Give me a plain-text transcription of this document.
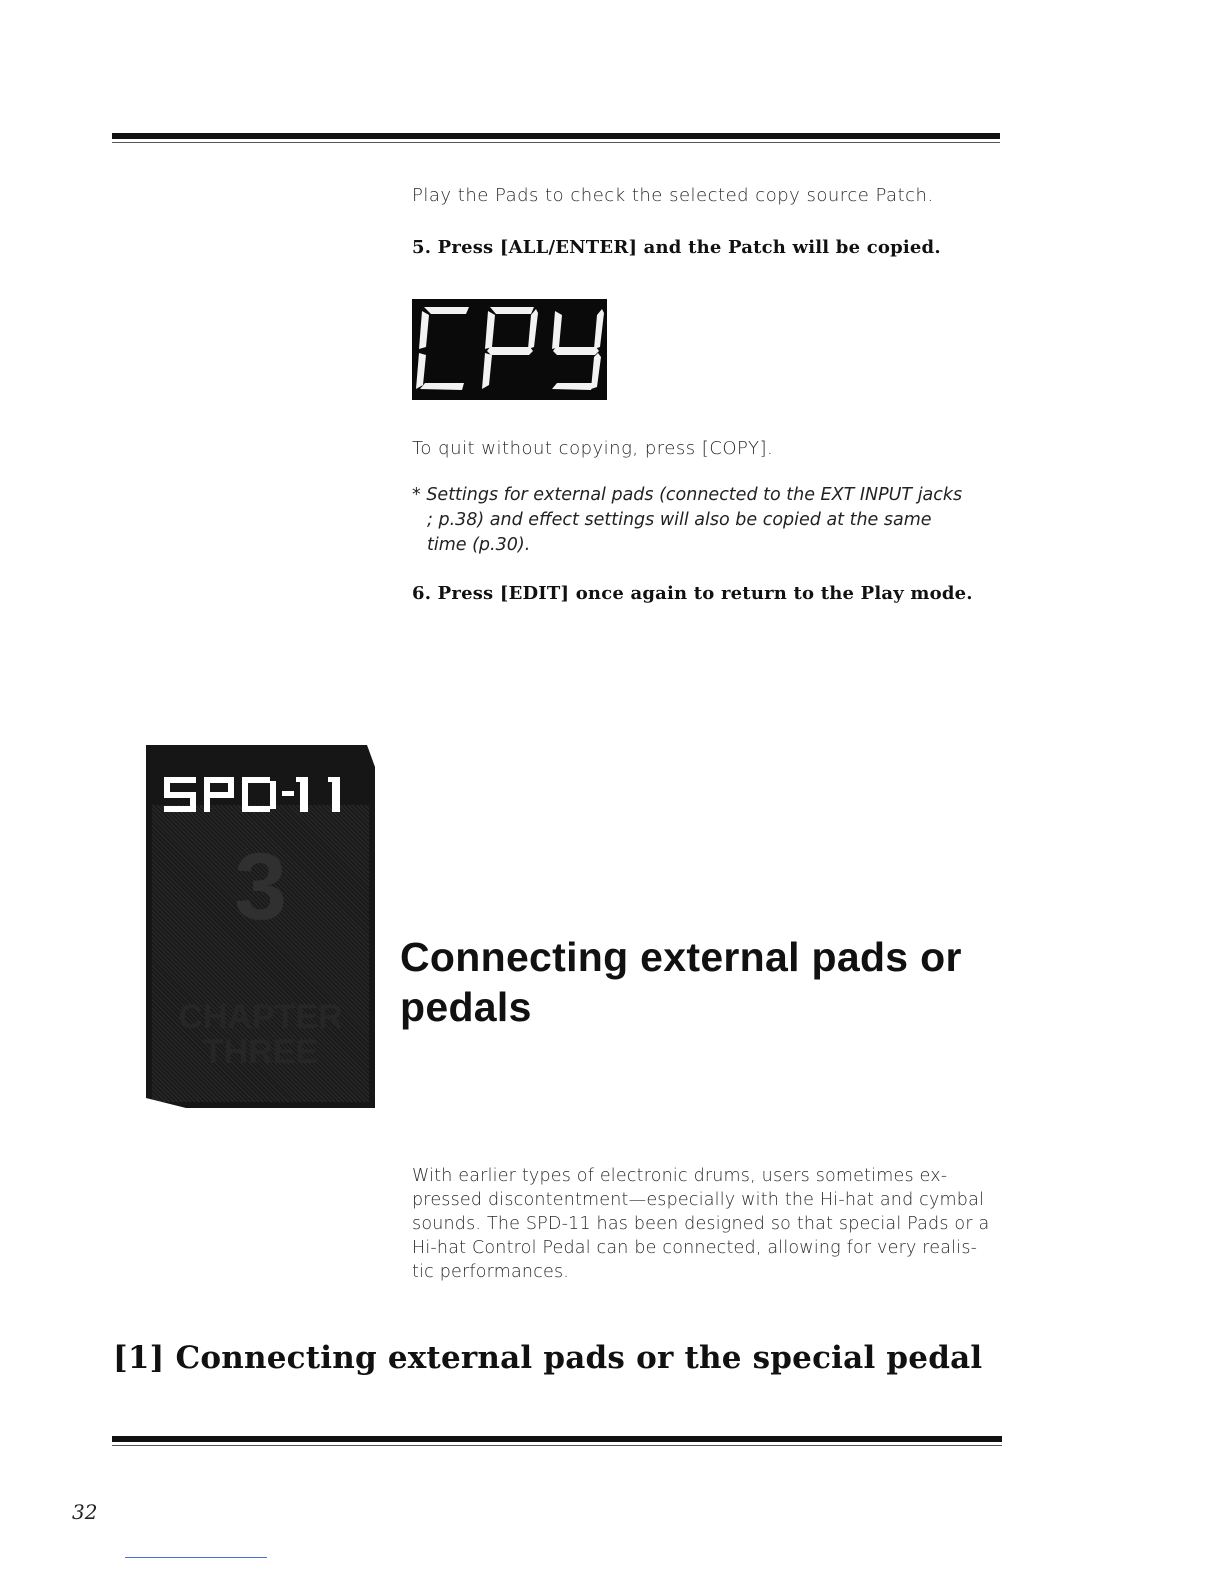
Play the Pads to check the selected copy source Patch.

5. Press [ALL/ENTER] and the Patch will be copied.

To quit without copying, press [COPY].

* Settings for external pads (connected to the EXT INPUT jacks
; p.38) and effect settings will also be copied at the same
time (p.30).

6. Press [EDIT] once again to return to the Play mode.

3
CHAPTER
THREE
Connecting external pads or
pedals

With earlier types of electronic drums, users sometimes ex-
pressed discontentment—especially with the Hi-hat and cymbal
sounds. The SPD-11 has been designed so that special Pads or a
Hi-hat Control Pedal can be connected, allowing for very realis-
tic performances.

[1] Connecting external pads or the special pedal
32
